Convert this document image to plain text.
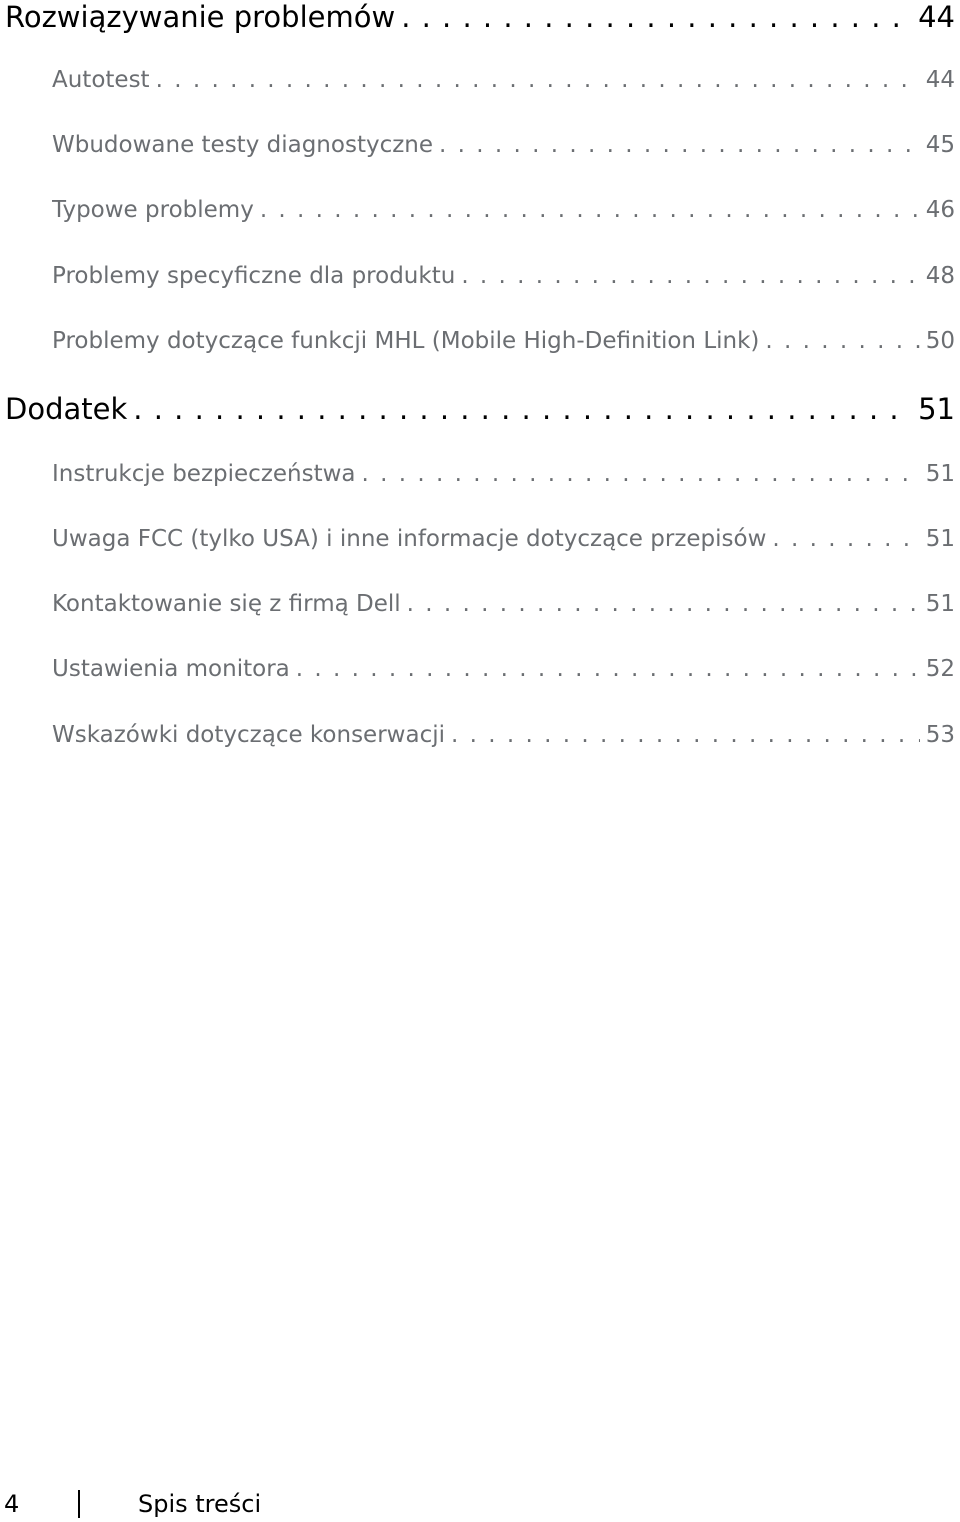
Rozwiązywanie problemów . . .	44
Autotest . . .	44
Wbudowane testy diagnostyczne . . .	45
Typowe problemy . . .	46
Problemy specyficzne dla produktu . . .	48
Problemy dotyczące funkcji MHL (Mobile High-Definition Link) . . .	50
Dodatek . . .	51
Instrukcje bezpieczeństwa . . .	51
Uwaga FCC (tylko USA) i inne informacje dotyczące przepisów . . .	51
Kontaktowanie się z firmą Dell . . .	51
Ustawienia monitora . . .	52
Wskazówki dotyczące konserwacji . . .	53
4	Spis treści
